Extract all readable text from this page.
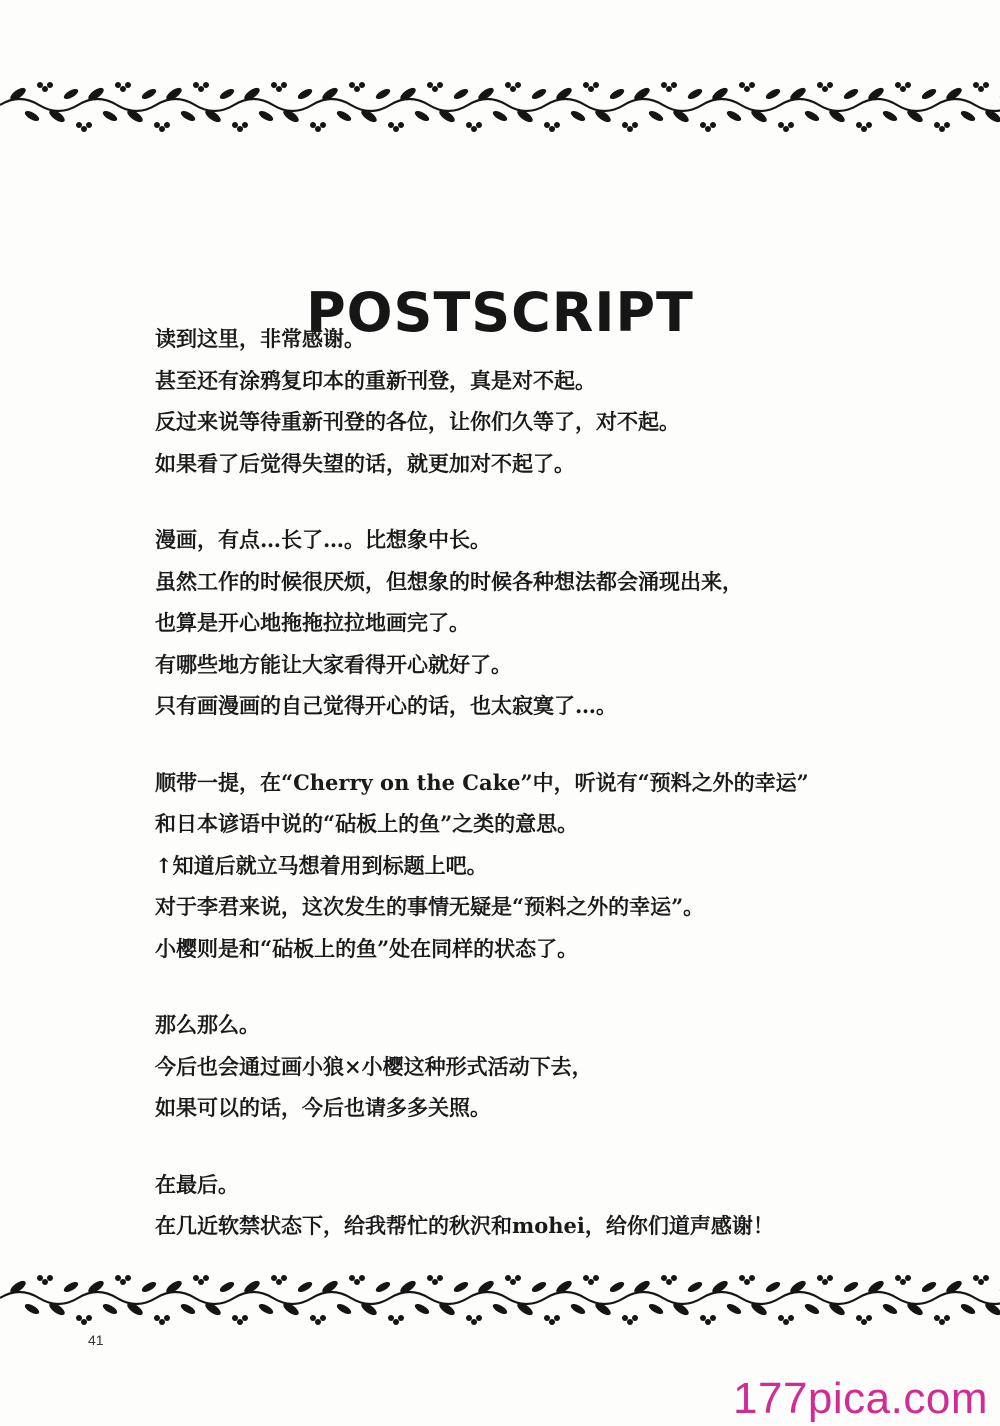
POSTSCRIPT
读到这里，非常感谢。
甚至还有涂鸦复印本的重新刊登，真是对不起。
反过来说等待重新刊登的各位，让你们久等了，对不起。
如果看了后觉得失望的话，就更加对不起了。
漫画，有点…长了…。比想象中长。
虽然工作的时候很厌烦，但想象的时候各种想法都会涌现出来，
也算是开心地拖拖拉拉地画完了。
有哪些地方能让大家看得开心就好了。
只有画漫画的自己觉得开心的话，也太寂寞了…。
顺带一提，在“Cherry on the Cake”中，听说有“预料之外的幸运”
和日本谚语中说的“砧板上的鱼”之类的意思。
↑知道后就立马想着用到标题上吧。
对于李君来说，这次发生的事情无疑是“预料之外的幸运”。
小樱则是和“砧板上的鱼”处在同样的状态了。
那么那么。
今后也会通过画小狼×小樱这种形式活动下去，
如果可以的话，今后也请多多关照。
在最后。
在几近软禁状态下，给我帮忙的秋沢和mohei，给你们道声感谢！
41
177pica.com
